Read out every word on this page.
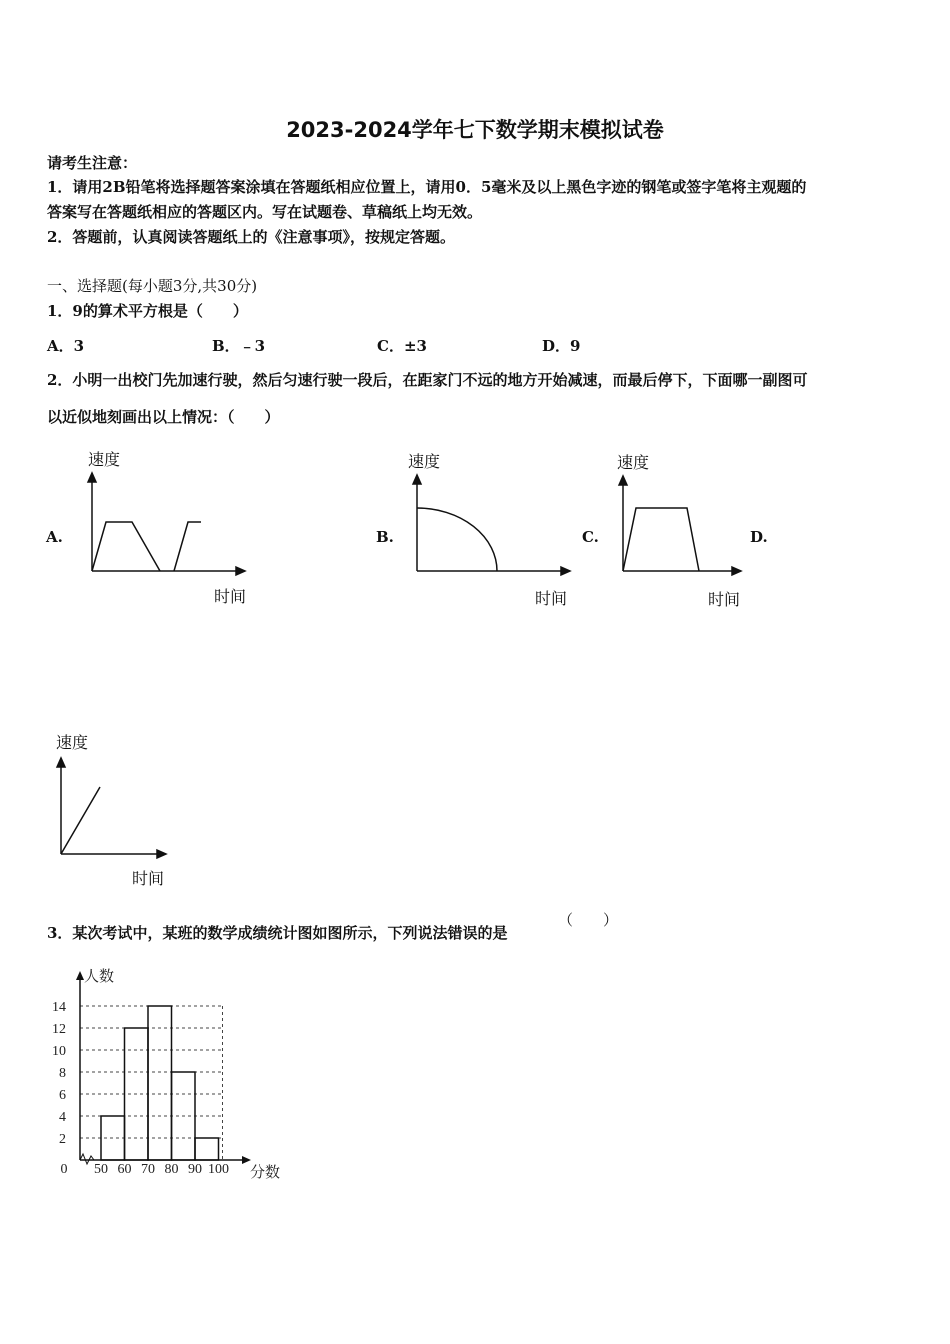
2023-2024学年七下数学期末模拟试卷
请考生注意：
1．请用2B铅笔将选择题答案涂填在答题纸相应位置上，请用0．5毫米及以上黑色字迹的钢笔或签字笔将主观题的
答案写在答题纸相应的答题区内。写在试题卷、草稿纸上均无效。
2．答题前，认真阅读答题纸上的《注意事项》，按规定答题。
一、选择题(每小题3分,共30分)
1．9的算术平方根是（　　）
A．3	B．﹣3	C．±3	D．9
2．小明一出校门先加速行驶，然后匀速行驶一段后，在距家门不远的地方开始减速，而最后停下，下面哪一副图可
以近似地刻画出以上情况：（　　）
A.
速度
时间
B.
速度
时间
C.
速度
时间
D.
速度
时间
3．某次考试中，某班的数学成绩统计图如图所示，下列说法错误的是
（　　）
2
4
6
8
10
12
14
0 50 60 70 80 90 100
人数
分数
